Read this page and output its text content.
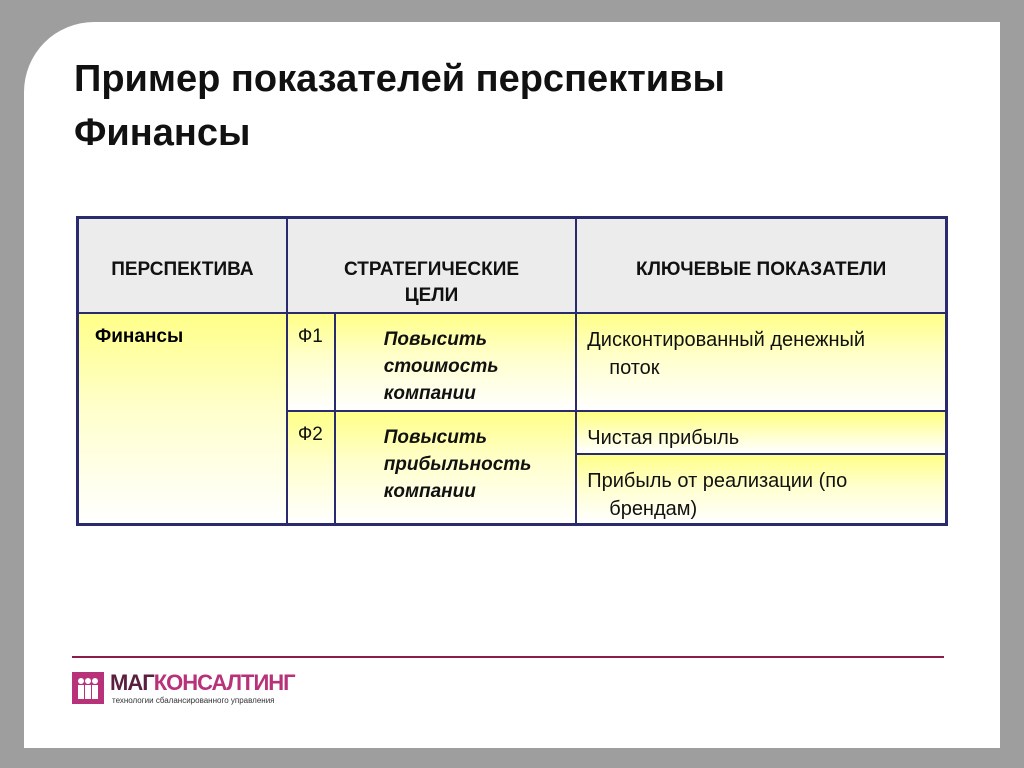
Пример показателей перспективы
Финансы
ПЕРСПЕКТИВА	СТРАТЕГИЧЕСКИЕ
ЦЕЛИ		КЛЮЧЕВЫЕ ПОКАЗАТЕЛИ

Финансы	Ф1	Повысить
стоимость
компании	Дисконтированный денежный
поток

	Ф2	Повысить
прибыльность
компании	Чистая прибыль
			Прибыль от реализации (по
брендам)
МАГКОНСАЛТИНГ
технологии сбалансированного управления
